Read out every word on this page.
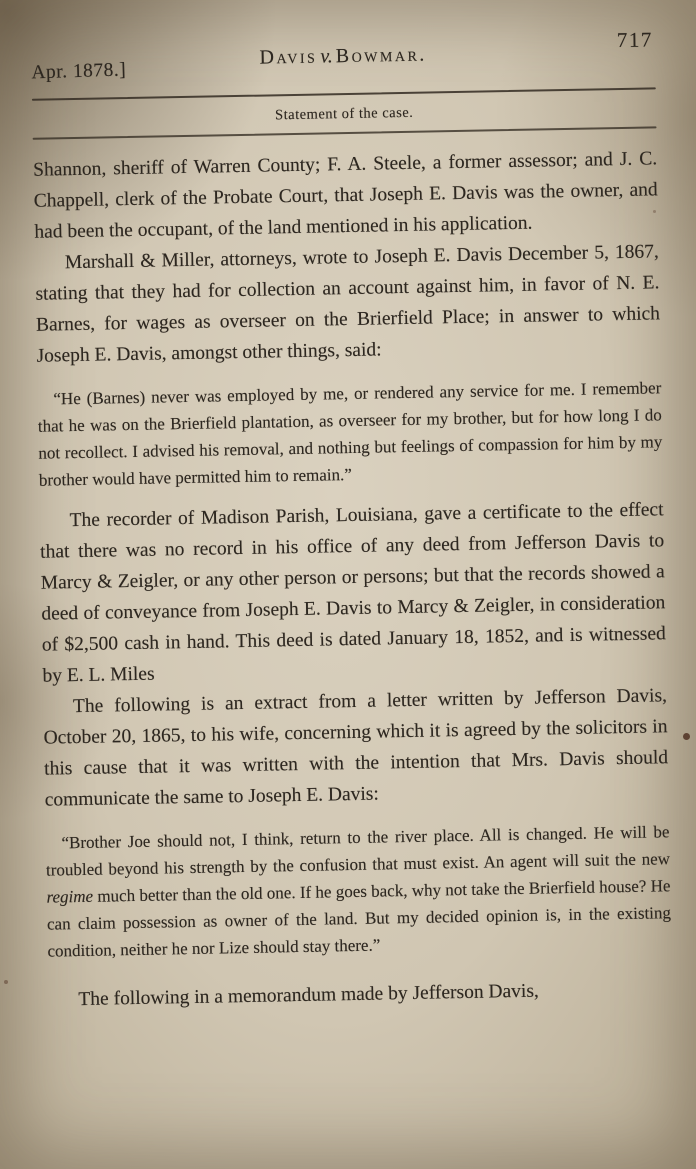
Apr. 1878.]
Davis v. Bowmar.
717
Statement of the case.

Shannon, sheriff of Warren County; F. A. Steele, a former assessor; and J. C. Chappell, clerk of the Probate Court, that Joseph E. Davis was the owner, and had been the occupant, of the land mentioned in his application.

Marshall & Miller, attorneys, wrote to Joseph E. Davis December 5, 1867, stating that they had for collection an account against him, in favor of N. E. Barnes, for wages as overseer on the Brierfield Place; in answer to which Joseph E. Davis, amongst other things, said:

“He (Barnes) never was employed by me, or rendered any service for me. I remember that he was on the Brierfield plantation, as overseer for my brother, but for how long I do not recollect. I advised his removal, and nothing but feelings of compassion for him by my brother would have permitted him to remain.”

The recorder of Madison Parish, Louisiana, gave a certificate to the effect that there was no record in his office of any deed from Jefferson Davis to Marcy & Zeigler, or any other person or persons; but that the records showed a deed of conveyance from Joseph E. Davis to Marcy & Zeigler, in consideration of $2,500 cash in hand. This deed is dated January 18, 1852, and is witnessed by E. L. Miles

The following is an extract from a letter written by Jefferson Davis, October 20, 1865, to his wife, concerning which it is agreed by the solicitors in this cause that it was written with the intention that Mrs. Davis should communicate the same to Joseph E. Davis:

“Brother Joe should not, I think, return to the river place. All is changed. He will be troubled beyond his strength by the confusion that must exist. An agent will suit the new regime much better than the old one. If he goes back, why not take the Brierfield house? He can claim possession as owner of the land. But my decided opinion is, in the existing condition, neither he nor Lize should stay there.”

The following in a memorandum made by Jefferson Davis,
